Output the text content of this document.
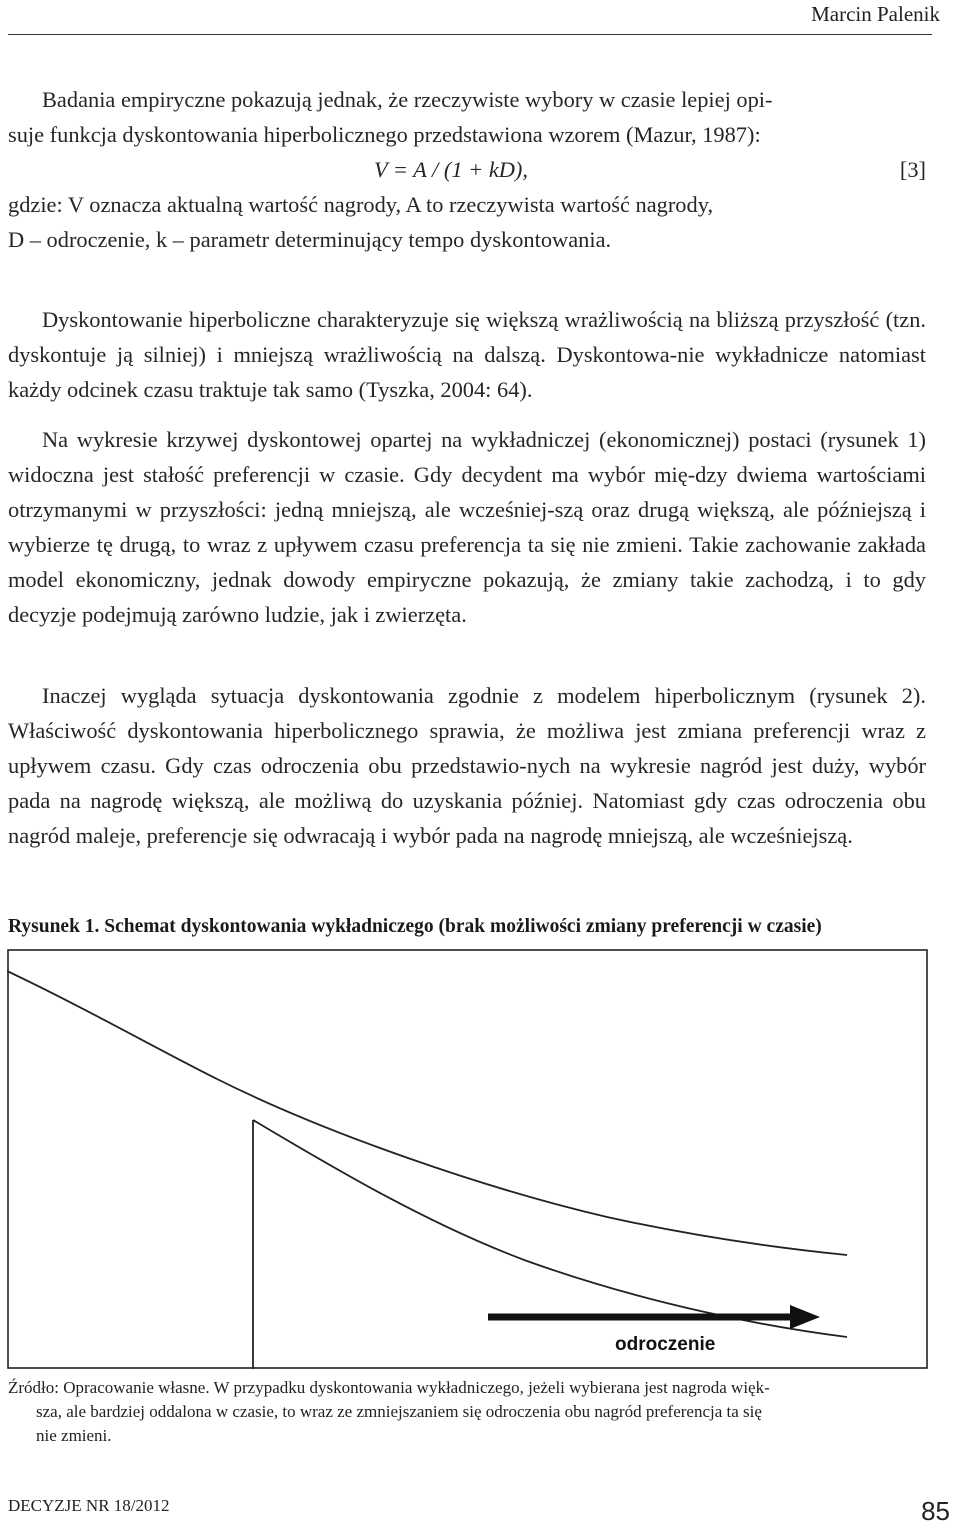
Marcin Palenik

Badania empiryczne pokazują jednak, że rzeczywiste wybory w czasie lepiej opi-

suje funkcja dyskontowania hiperbolicznego przedstawiona wzorem (Mazur, 1987):

V = A / (1 + kD),	[3]

gdzie: V oznacza aktualną wartość nagrody, A to rzeczywista wartość nagrody,

D – odroczenie, k – parametr determinujący tempo dyskontowania.

Dyskontowanie hiperboliczne charakteryzuje się większą wrażliwością na bliższą przyszłość (tzn. dyskontuje ją silniej) i mniejszą wrażliwością na dalszą. Dyskontowa-nie wykładnicze natomiast każdy odcinek czasu traktuje tak samo (Tyszka, 2004: 64).

Na wykresie krzywej dyskontowej opartej na wykładniczej (ekonomicznej) postaci (rysunek 1) widoczna jest stałość preferencji w czasie. Gdy decydent ma wybór mię-dzy dwiema wartościami otrzymanymi w przyszłości: jedną mniejszą, ale wcześniej-szą oraz drugą większą, ale późniejszą i wybierze tę drugą, to wraz z upływem czasu preferencja ta się nie zmieni. Takie zachowanie zakłada model ekonomiczny, jednak dowody empiryczne pokazują, że zmiany takie zachodzą, i to gdy decyzje podejmują zarówno ludzie, jak i zwierzęta.

Inaczej wygląda sytuacja dyskontowania zgodnie z modelem hiperbolicznym (rysunek 2). Właściwość dyskontowania hiperbolicznego sprawia, że możliwa jest zmiana preferencji wraz z upływem czasu. Gdy czas odroczenia obu przedstawio-nych na wykresie nagród jest duży, wybór pada na nagrodę większą, ale możliwą do uzyskania później. Natomiast gdy czas odroczenia obu nagród maleje, preferencje się odwracają i wybór pada na nagrodę mniejszą, ale wcześniejszą.

Rysunek 1. Schemat dyskontowania wykładniczego (brak możliwości zmiany preferencji w czasie)
odroczenie
Źródło: Opracowanie własne. W przypadku dyskontowania wykładniczego, jeżeli wybierana jest nagroda więk-
sza, ale bardziej oddalona w czasie, to wraz ze zmniejszaniem się odroczenia obu nagród preferencja ta się
nie zmieni.
DECYZJE NR 18/2012	85
